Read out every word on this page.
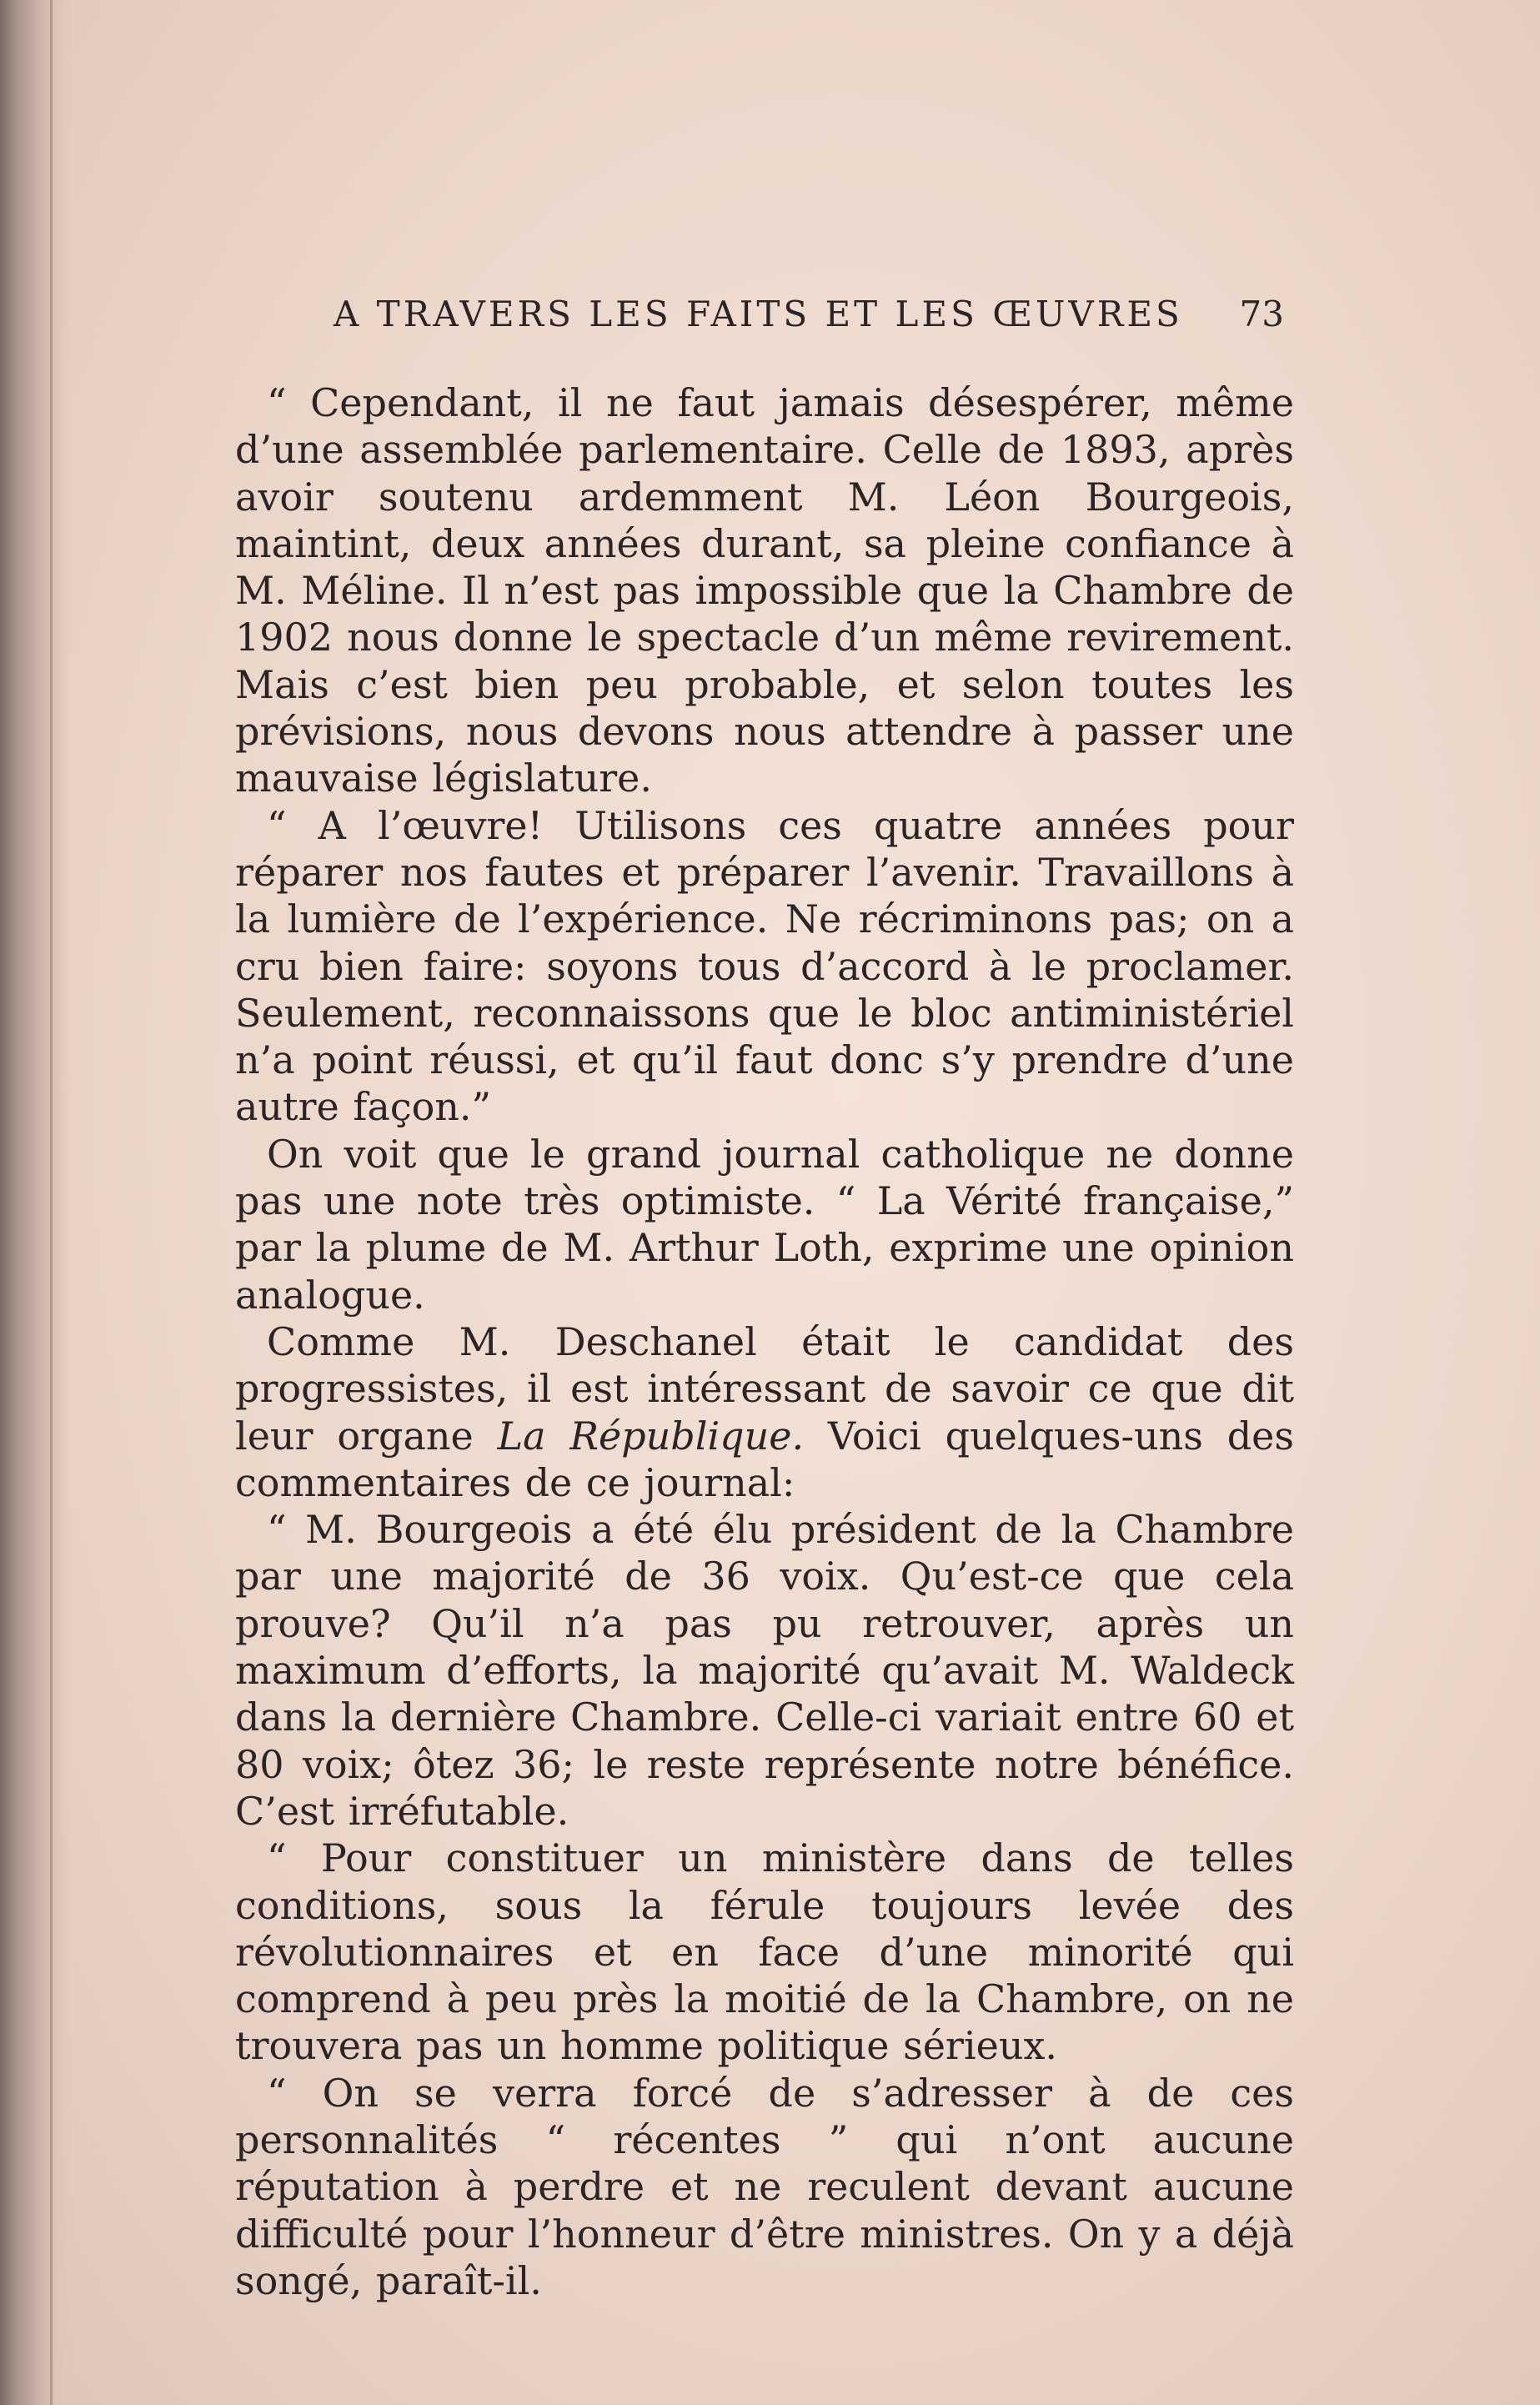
A TRAVERS LES FAITS ET LES ŒUVRES 73

“ Cependant, il ne faut jamais désespérer, même d’une assemblée parlementaire. Celle de 1893, après avoir soutenu ardemment M. Léon Bourgeois, maintint, deux années durant, sa pleine confiance à M. Méline. Il n’est pas impossible que la Chambre de 1902 nous donne le spectacle d’un même revirement. Mais c’est bien peu probable, et selon toutes les prévisions, nous devons nous attendre à passer une mauvaise législature.

“ A l’œuvre! Utilisons ces quatre années pour réparer nos fautes et préparer l’avenir. Travaillons à la lumière de l’expérience. Ne récriminons pas; on a cru bien faire: soyons tous d’accord à le proclamer. Seulement, reconnaissons que le bloc antiministériel n’a point réussi, et qu’il faut donc s’y prendre d’une autre façon.”

On voit que le grand journal catholique ne donne pas une note très optimiste. “ La Vérité française,” par la plume de M. Arthur Loth, exprime une opinion analogue.

Comme M. Deschanel était le candidat des progressistes, il est intéressant de savoir ce que dit leur organe La République. Voici quelques-uns des commentaires de ce journal:

“ M. Bourgeois a été élu président de la Chambre par une majorité de 36 voix. Qu’est-ce que cela prouve? Qu’il n’a pas pu retrouver, après un maximum d’efforts, la majorité qu’avait M. Waldeck dans la dernière Chambre. Celle-ci variait entre 60 et 80 voix; ôtez 36; le reste représente notre bénéfice. C’est irréfutable.

“ Pour constituer un ministère dans de telles conditions, sous la férule toujours levée des révolutionnaires et en face d’une minorité qui comprend à peu près la moitié de la Chambre, on ne trouvera pas un homme politique sérieux.

“ On se verra forcé de s’adresser à de ces personnalités “ récentes ” qui n’ont aucune réputation à perdre et ne reculent devant aucune difficulté pour l’honneur d’être ministres. On y a déjà songé, paraît-il.
